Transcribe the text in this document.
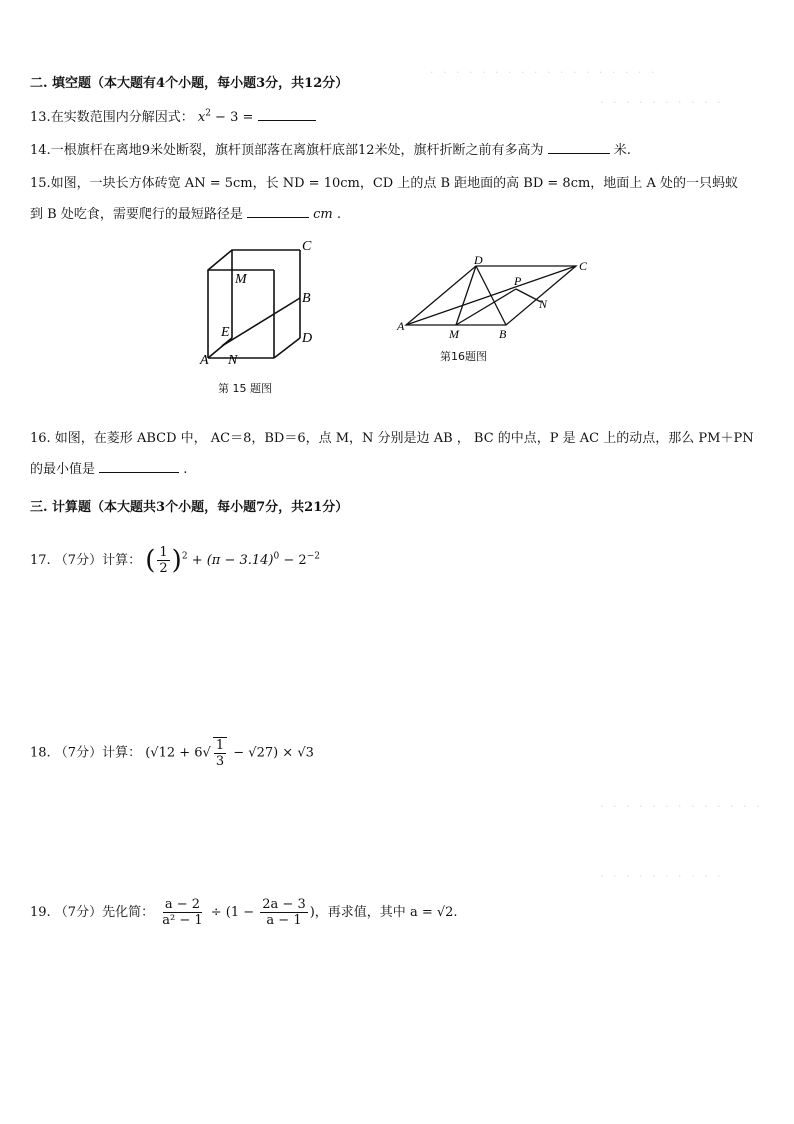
· · · · · · · · · · · · · · · · · ·
· · · · · · · · · ·
· · · · · · · · · · · · ·
· · · · · · · · · ·
二. 填空题（本大题有4个小题，每小题3分，共12分）
13.在实数范围内分解因式： $x^2 - 3$ =
14.一根旗杆在离地9米处断裂，旗杆顶部落在离旗杆底部12米处，旗杆折断之前有多高为	米.
15.如图，一块长方体砖宽 AN = 5cm，长 ND = 10cm，CD 上的点 B 距地面的高 BD = 8cm，地面上 A 处的一只蚂蚁
到 B 处吃食，需要爬行的最短路径是	cm .
C
M
B
E	D
A N
第 15 题图
D	C
P
N
A
M	B
第16题图
16. 如图，在菱形 ABCD 中， AC＝8，BD＝6，点 M，N 分别是边 AB ， BC 的中点，P 是 AC 上的动点，那么 PM＋PN
的最小值是	.
三. 计算题（本大题共3个小题，每小题7分，共21分）
17. （7分）计算： ( $\frac{1}{2} )^2 + (\pi - 3.14)^0 - 2^{-2}$
18. （7分）计算： $(√12 + 6√ \frac{1}{3} - √27) \times √3$
19. （7分）先化简： $\frac{a - 2}{\text{a² − 1}} \div (1 - \frac{2a - 3}{a - 1}$ )，再求值，其中 a = √2.
